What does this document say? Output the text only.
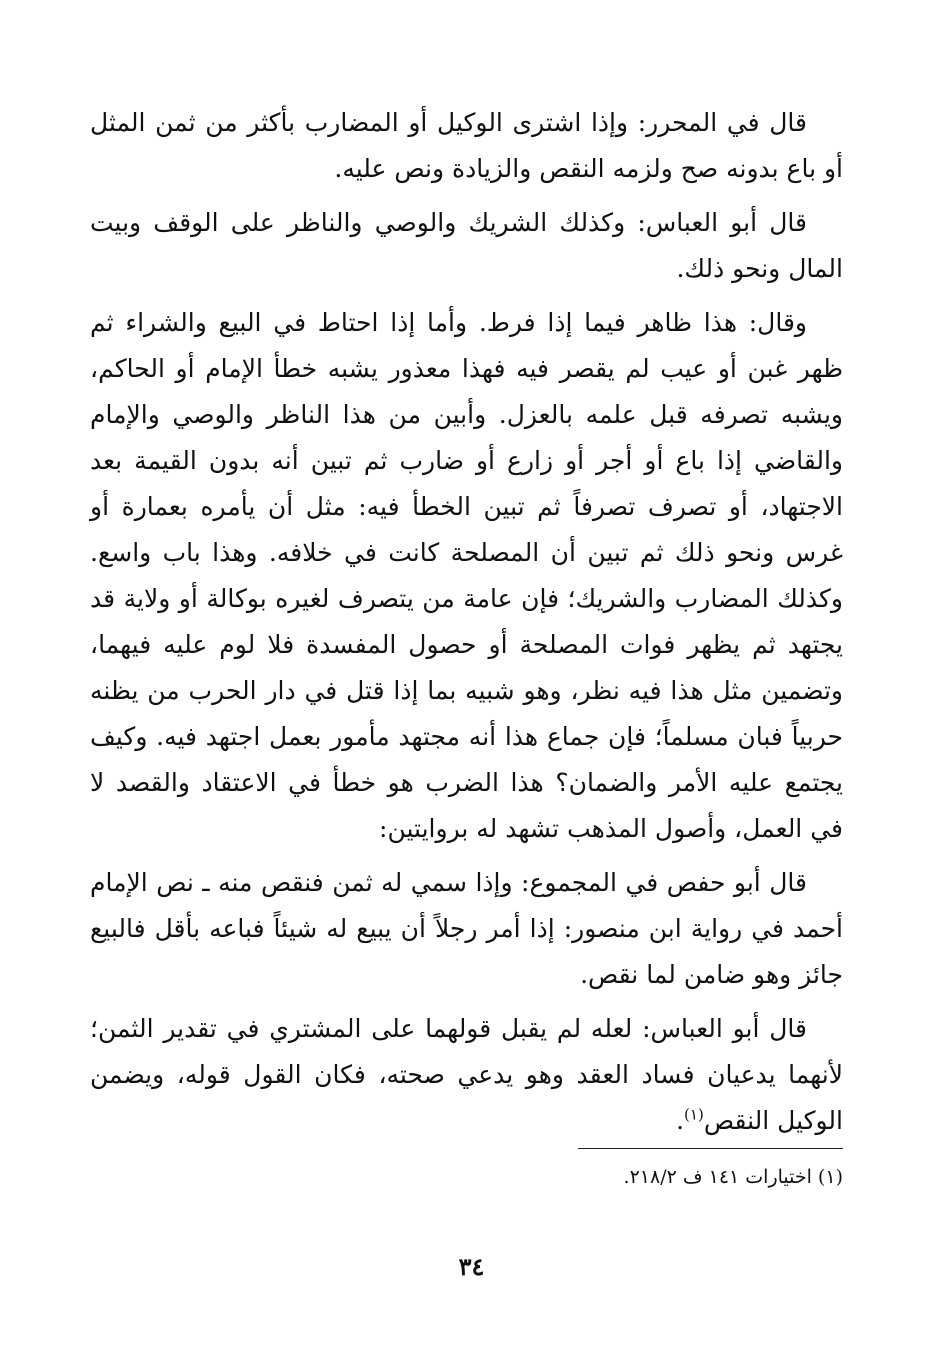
قال في المحرر: وإذا اشترى الوكيل أو المضارب بأكثر من ثمن المثل أو باع بدونه صح ولزمه النقص والزيادة ونص عليه.

قال أبو العباس: وكذلك الشريك والوصي والناظر على الوقف وبيت المال ونحو ذلك.

وقال: هذا ظاهر فيما إذا فرط. وأما إذا احتاط في البيع والشراء ثم ظهر غبن أو عيب لم يقصر فيه فهذا معذور يشبه خطأ الإمام أو الحاكم، ويشبه تصرفه قبل علمه بالعزل. وأبين من هذا الناظر والوصي والإمام والقاضي إذا باع أو أجر أو زارع أو ضارب ثم تبين أنه بدون القيمة بعد الاجتهاد، أو تصرف تصرفاً ثم تبين الخطأ فيه: مثل أن يأمره بعمارة أو غرس ونحو ذلك ثم تبين أن المصلحة كانت في خلافه. وهذا باب واسع. وكذلك المضارب والشريك؛ فإن عامة من يتصرف لغيره بوكالة أو ولاية قد يجتهد ثم يظهر فوات المصلحة أو حصول المفسدة فلا لوم عليه فيهما، وتضمين مثل هذا فيه نظر، وهو شبيه بما إذا قتل في دار الحرب من يظنه حربياً فبان مسلماً؛ فإن جماع هذا أنه مجتهد مأمور بعمل اجتهد فيه. وكيف يجتمع عليه الأمر والضمان؟ هذا الضرب هو خطأ في الاعتقاد والقصد لا في العمل، وأصول المذهب تشهد له بروايتين:

قال أبو حفص في المجموع: وإذا سمي له ثمن فنقص منه ـ نص الإمام أحمد في رواية ابن منصور: إذا أمر رجلاً أن يبيع له شيئاً فباعه بأقل فالبيع جائز وهو ضامن لما نقص.

قال أبو العباس: لعله لم يقبل قولهما على المشتري في تقدير الثمن؛ لأنهما يدعيان فساد العقد وهو يدعي صحته، فكان القول قوله، ويضمن الوكيل النقص$^{(١)}$.

(١) اختيارات ١٤١ ف ٢١٨/٢.
٣٤
